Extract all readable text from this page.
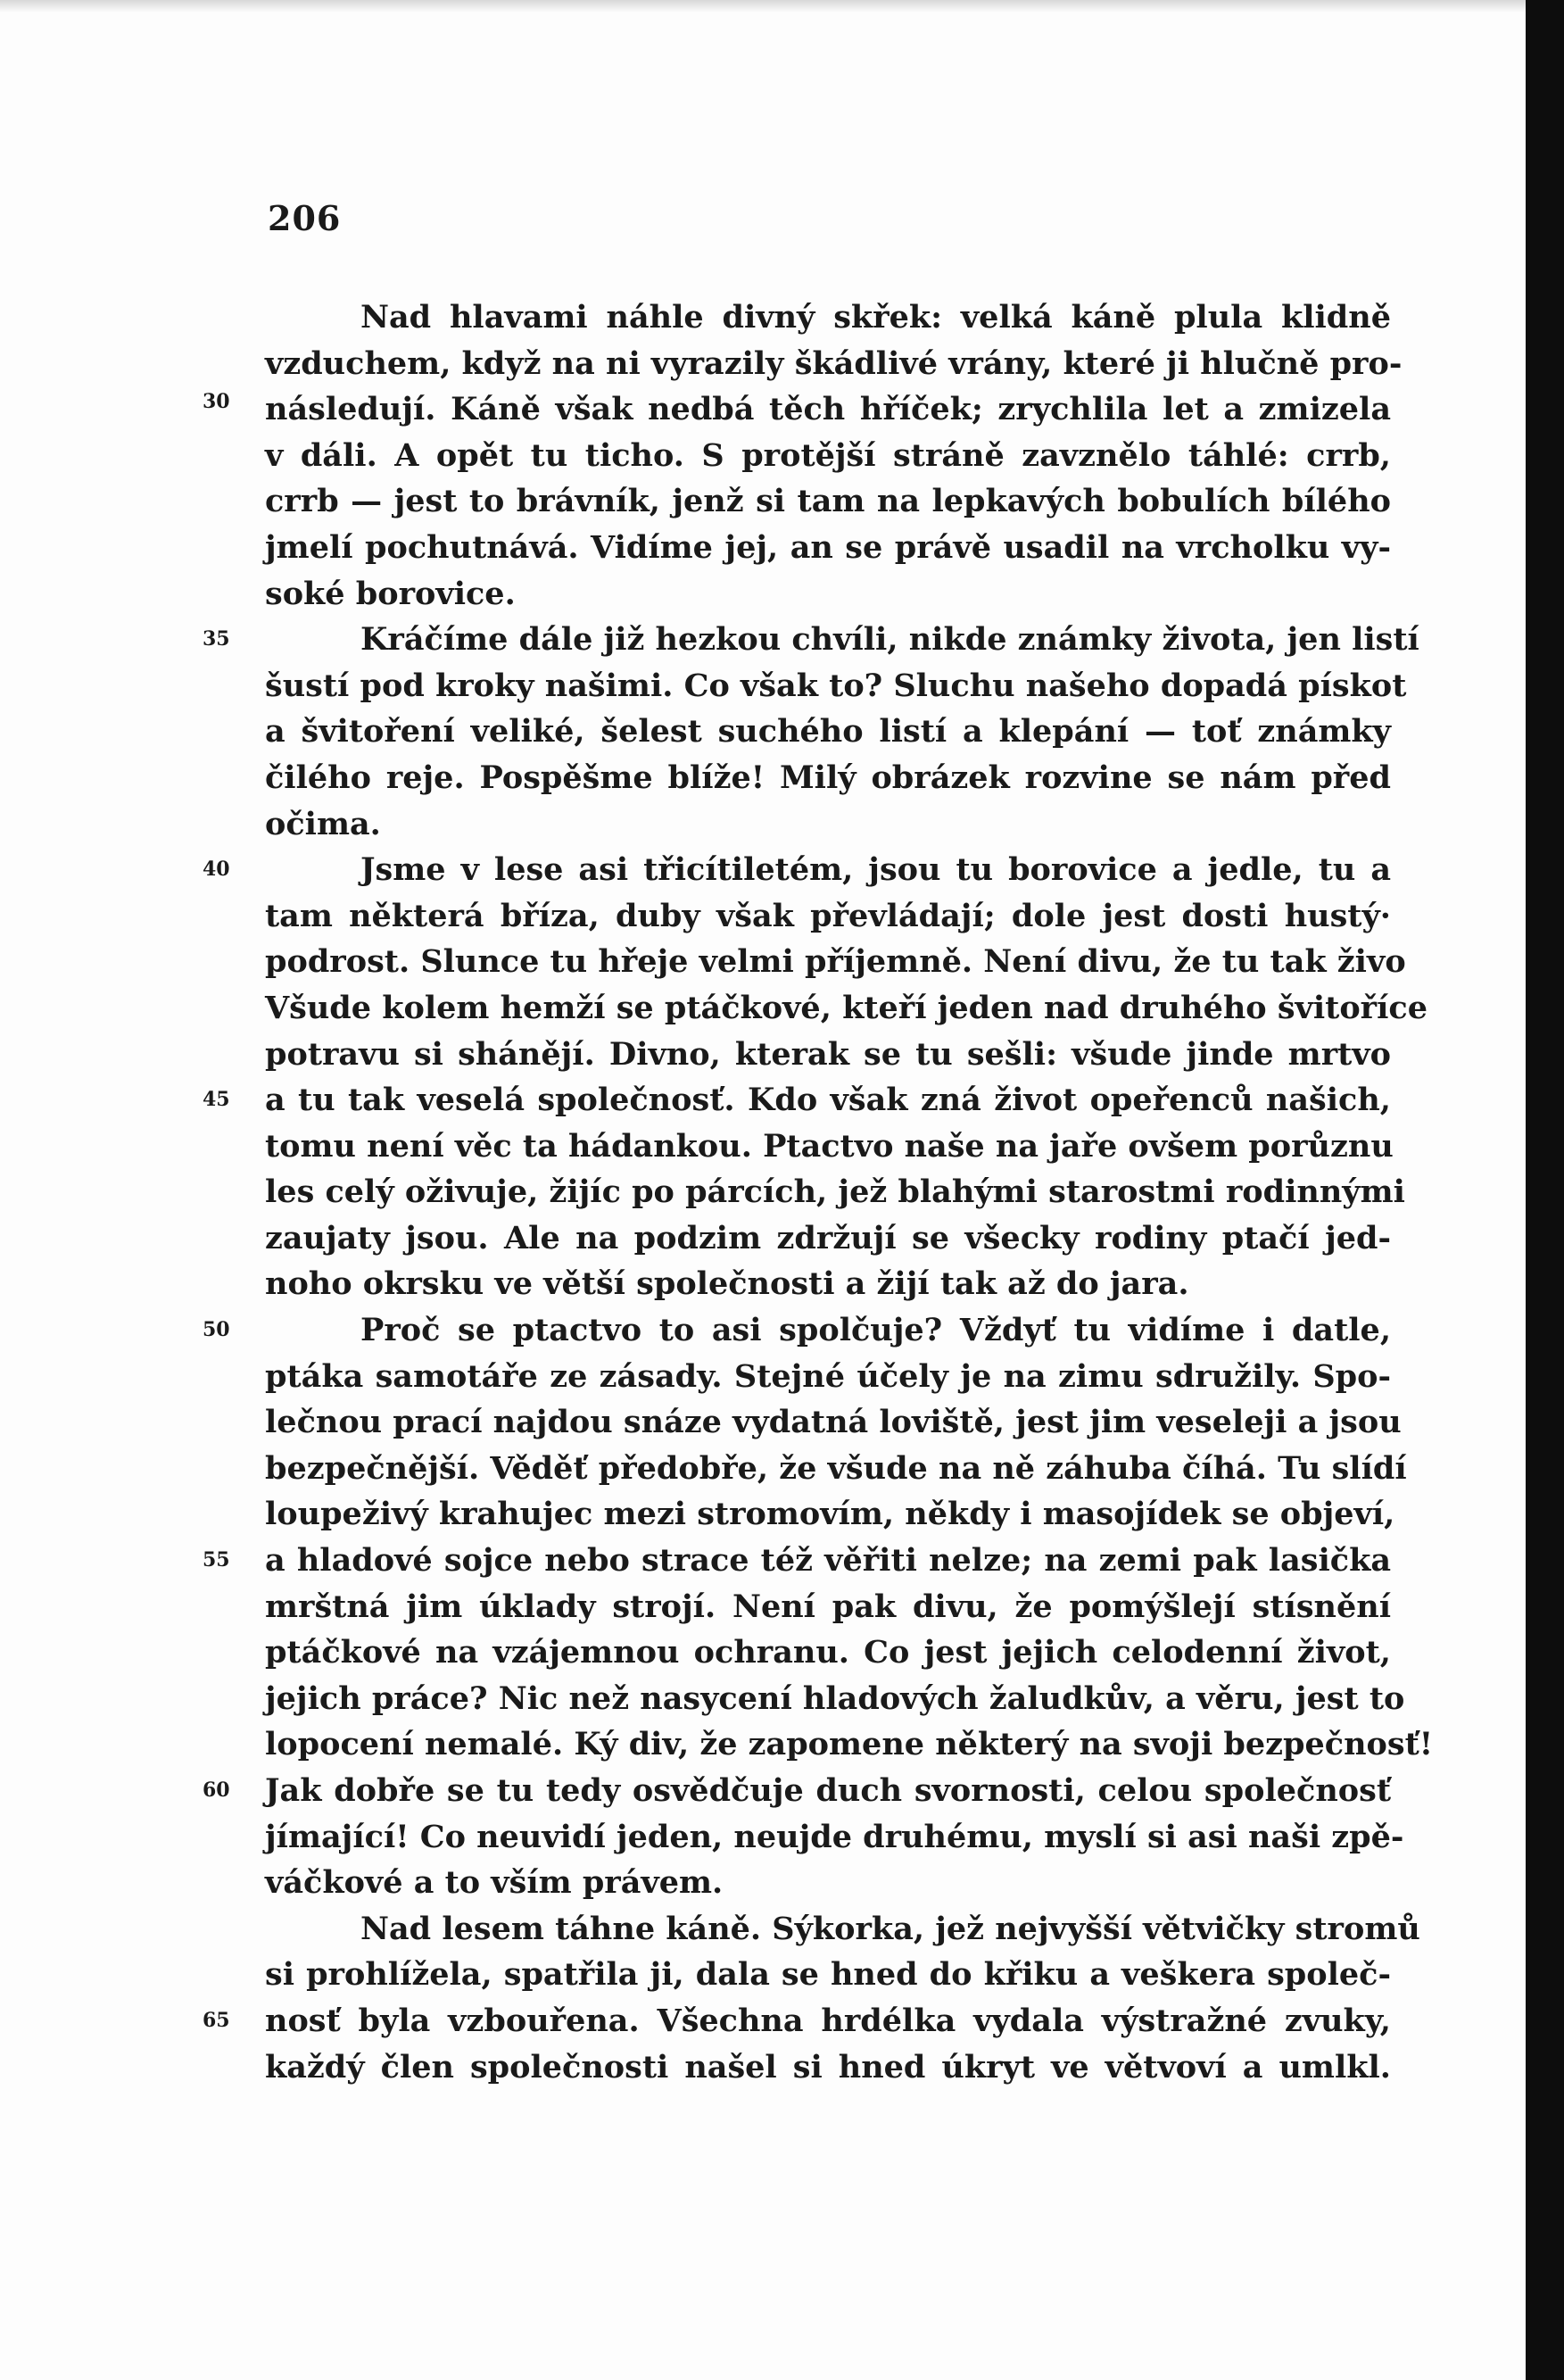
206
Nad hlavami náhle divný skřek: velká káně plula klidně
vzduchem, když na ni vyrazily škádlivé vrány, které ji hlučně pro-
30	následují. Káně však nedbá těch hříček; zrychlila let a zmizela
v dáli. A opět tu ticho. S protější stráně zavznělo táhlé: crrb,
crrb — jest to brávník, jenž si tam na lepkavých bobulích bílého
jmelí pochutnává. Vidíme jej, an se právě usadil na vrcholku vy-
soké borovice.
35	Kráčíme dále již hezkou chvíli, nikde známky života, jen listí
šustí pod kroky našimi. Co však to? Sluchu našeho dopadá pískot
a švitoření veliké, šelest suchého listí a klepání — toť známky
čilého reje. Pospěšme blíže! Milý obrázek rozvine se nám před
očima.
40	Jsme v lese asi třicítiletém, jsou tu borovice a jedle, tu a
tam některá bříza, duby však převládají; dole jest dosti hustý·
podrost. Slunce tu hřeje velmi příjemně. Není divu, že tu tak živo
Všude kolem hemží se ptáčkové, kteří jeden nad druhého švitoříce
potravu si shánějí. Divno, kterak se tu sešli: všude jinde mrtvo
45	a tu tak veselá společnosť. Kdo však zná život opeřenců našich,
tomu není věc ta hádankou. Ptactvo naše na jaře ovšem porůznu
les celý oživuje, žijíc po párcích, jež blahými starostmi rodinnými
zaujaty jsou. Ale na podzim zdržují se všecky rodiny ptačí jed-
noho okrsku ve větší společnosti a žijí tak až do jara.
50	Proč se ptactvo to asi spolčuje? Vždyť tu vidíme i datle,
ptáka samotáře ze zásady. Stejné účely je na zimu sdružily. Spo-
lečnou prací najdou snáze vydatná loviště, jest jim veseleji a jsou
bezpečnější. Věděť předobře, že všude na ně záhuba číhá. Tu slídí
loupeživý krahujec mezi stromovím, někdy i masojídek se objeví,
55	a hladové sojce nebo strace též věřiti nelze; na zemi pak lasička
mrštná jim úklady strojí. Není pak divu, že pomýšlejí stísnění
ptáčkové na vzájemnou ochranu. Co jest jejich celodenní život,
jejich práce? Nic než nasycení hladových žaludkův, a věru, jest to
lopocení nemalé. Ký div, že zapomene některý na svoji bezpečnosť!
60	Jak dobře se tu tedy osvědčuje duch svornosti, celou společnosť
jímající! Co neuvidí jeden, neujde druhému, myslí si asi naši zpě-
váčkové a to vším právem.
Nad lesem táhne káně. Sýkorka, jež nejvyšší větvičky stromů
si prohlížela, spatřila ji, dala se hned do křiku a veškera společ-
65	nosť byla vzbouřena. Všechna hrdélka vydala výstražné zvuky,
každý člen společnosti našel si hned úkryt ve větvoví a umlkl.
